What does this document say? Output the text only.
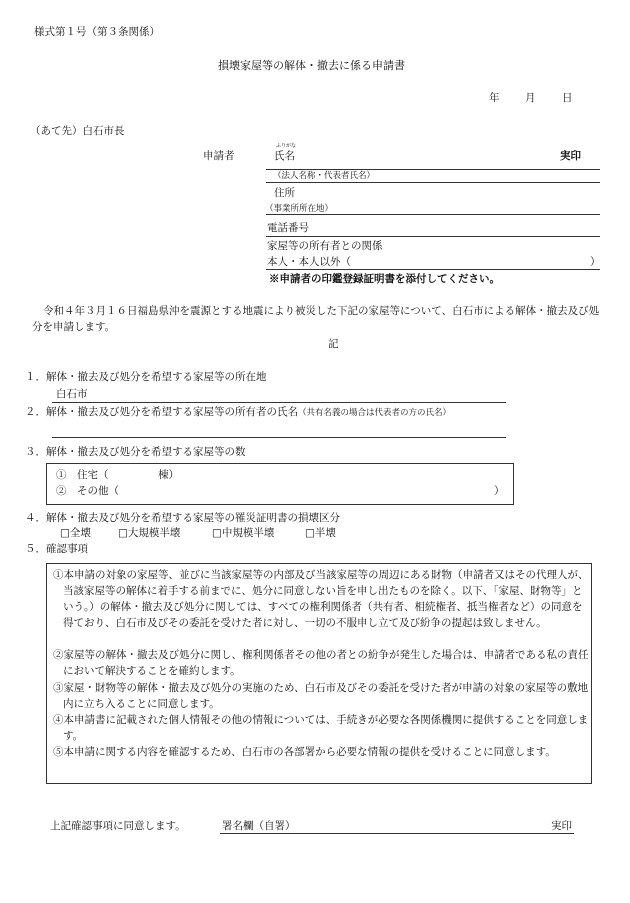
様式第１号（第３条関係）
損壊家屋等の解体・撤去に係る申請書
年 月	日
（あて先）白石市長
申請者
ふりがな
氏名	実印
（法人名称・代表者氏名）
住所
（事業所所在地）
電話番号
家屋等の所有者との関係
本人・本人以外（	）
※申請者の印鑑登録証明書を添付してください。
令和４年３月１６日福島県沖を震源とする地震により被災した下記の家屋等について、白石市による解体・撤去及び処分を申請します。
記
１．解体・撤去及び処分を希望する家屋等の所在地
白石市
２．解体・撤去及び処分を希望する家屋等の所有者の氏名（共有名義の場合は代表者の方の氏名）
３．解体・撤去及び処分を希望する家屋等の数
①　住宅（	棟）
②　その他（	）
４．解体・撤去及び処分を希望する家屋等の罹災証明書の損壊区分
□全壊	□大規模半壊	□中規模半壊	□半壊
５．確認事項
①本申請の対象の家屋等、並びに当該家屋等の内部及び当該家屋等の周辺にある財物（申請者又はその代理人が、当該家屋等の解体に着手する前までに、処分に同意しない旨を申し出たものを除く。以下、「家屋、財物等」という。）の解体・撤去及び処分に関しては、すべての権利関係者（共有者、相続権者、抵当権者など）の同意を得ており、白石市及びその委託を受けた者に対し、一切の不服申し立て及び紛争の提起は致しません。
②家屋等の解体・撤去及び処分に関し、権利関係者その他の者との紛争が発生した場合は、申請者である私の責任において解決することを確約します。
③家屋・財物等の解体・撤去及び処分の実施のため、白石市及びその委託を受けた者が申請の対象の家屋等の敷地内に立ち入ることに同意します。
④本申請書に記載された個人情報その他の情報については、手続きが必要な各関係機関に提供することを同意します。
⑤本申請に関する内容を確認するため、白石市の各部署から必要な情報の提供を受けることに同意します。
上記確認事項に同意します。	署名欄（自署）	実印
